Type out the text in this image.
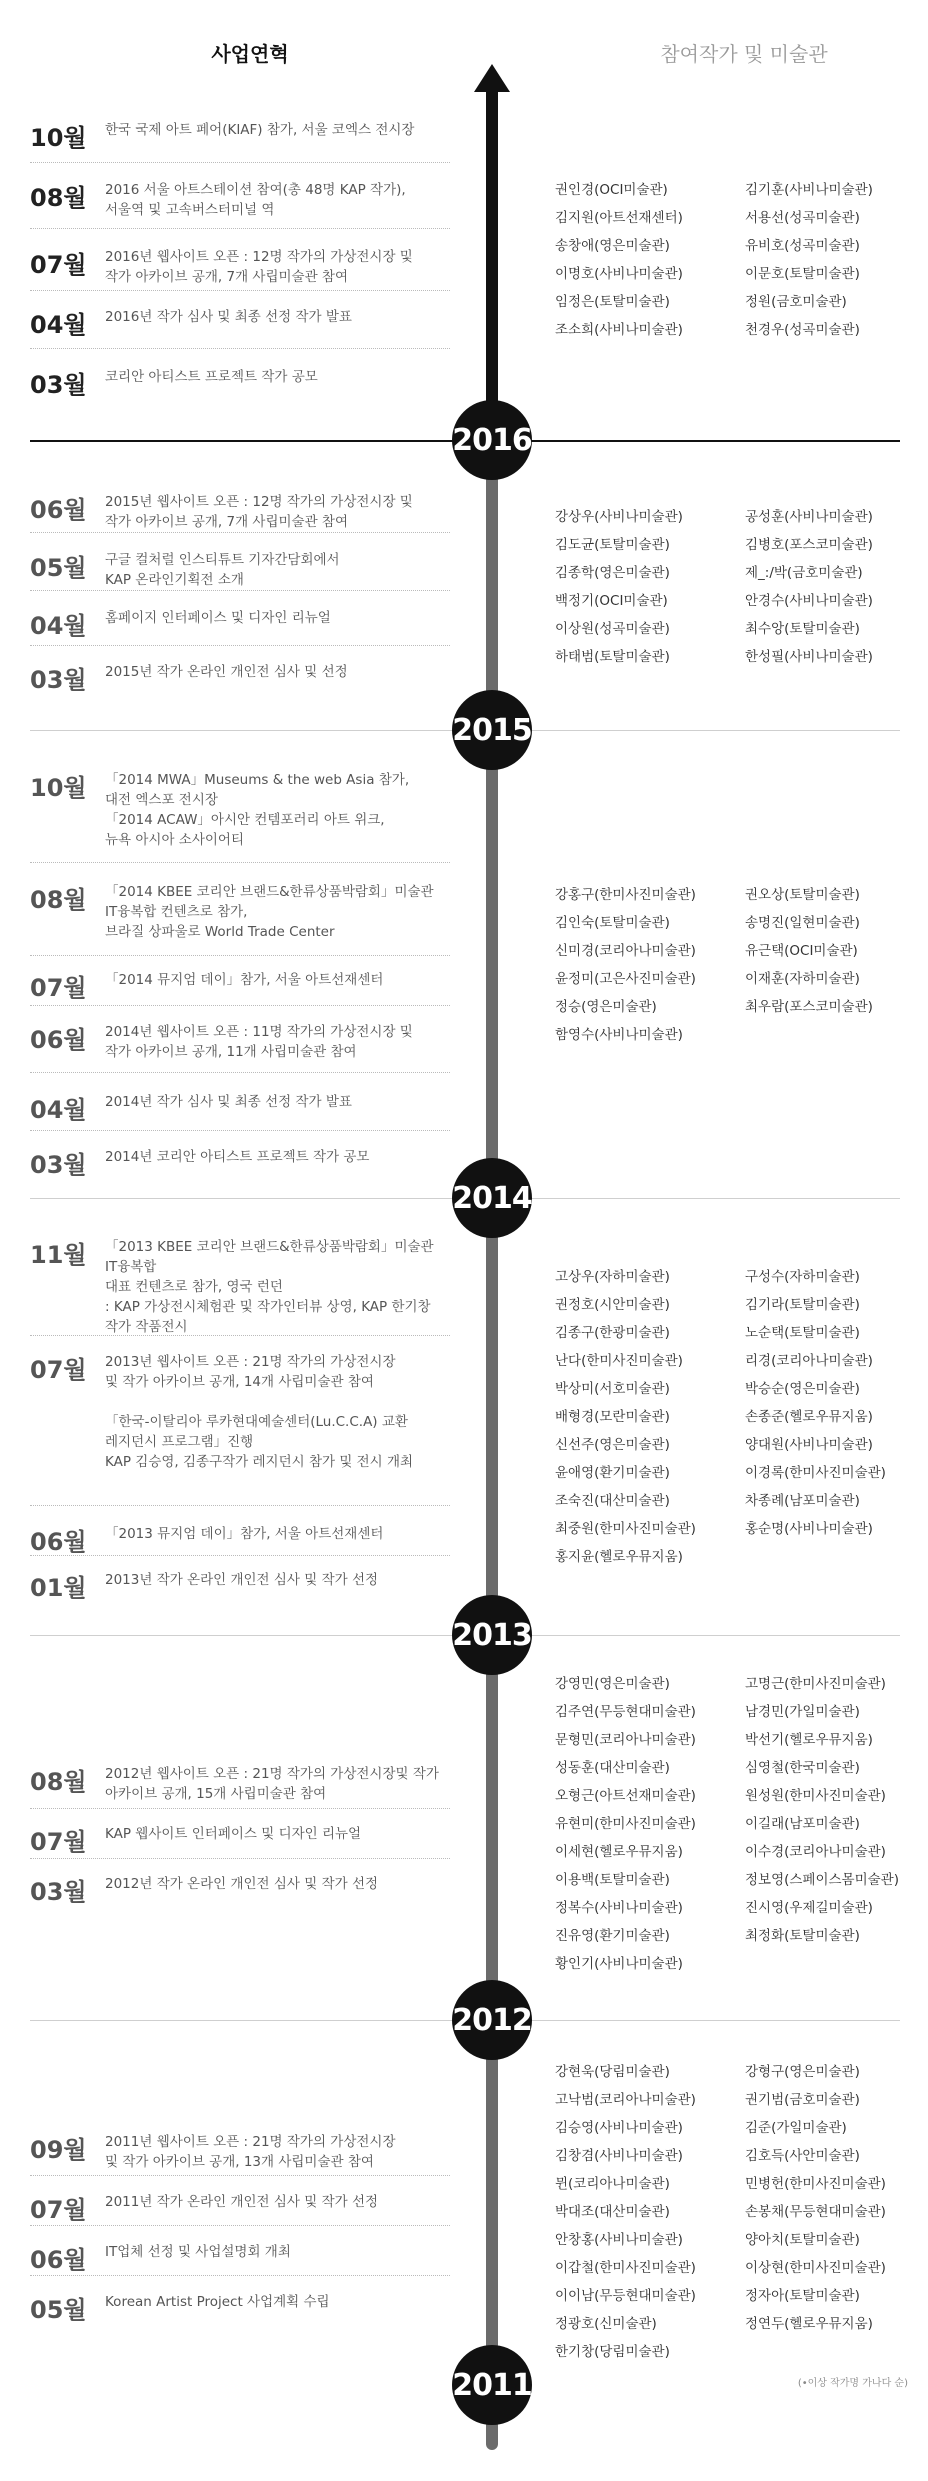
사업연혁	참여작가 및 미술관
2016
10월 한국 국제 아트 페어(KIAF) 참가, 서울 코엑스 전시장
08월 2016 서울 아트스테이션 참여(총 48명 KAP 작가),
서울역 및 고속버스터미널 역
07월 2016년 웹사이트 오픈 : 12명 작가의 가상전시장 및
작가 아카이브 공개, 7개 사립미술관 참여
04월 2016년 작가 심사 및 최종 선정 작가 발표
03월 코리안 아티스트 프로젝트 작가 공모
권인경(OCI미술관)	김기훈(사비나미술관)
김지원(아트선재센터)	서용선(성곡미술관)
송창애(영은미술관)	유비호(성곡미술관)
이명호(사비나미술관)	이문호(토탈미술관)
임정은(토탈미술관)	정원(금호미술관)
조소희(사비나미술관)	천경우(성곡미술관)
2015
06월 2015년 웹사이트 오픈 : 12명 작가의 가상전시장 및
작가 아카이브 공개, 7개 사립미술관 참여
05월 구글 컬처럴 인스티튜트 기자간담회에서
KAP 온라인기획전 소개
04월 홈페이지 인터페이스 및 디자인 리뉴얼
03월 2015년 작가 온라인 개인전 심사 및 선정
강상우(사비나미술관)	공성훈(사비나미술관)
김도균(토탈미술관)	김병호(포스코미술관)
김종학(영은미술관)	제_:/박(금호미술관)
백정기(OCI미술관)	안경수(사비나미술관)
이상원(성곡미술관)	최수앙(토탈미술관)
하태범(토탈미술관)	한성필(사비나미술관)
2014
10월 「2014 MWA」Museums & the web Asia 참가,
대전 엑스포 전시장
「2014 ACAW」아시안 컨템포러리 아트 위크,
뉴욕 아시아 소사이어티
08월 「2014 KBEE 코리안 브랜드&한류상품박람회」미술관
IT융복합 컨텐츠로 참가,
브라질 상파울로 World Trade Center
07월 「2014 뮤지엄 데이」참가, 서울 아트선재센터
06월 2014년 웹사이트 오픈 : 11명 작가의 가상전시장 및
작가 아카이브 공개, 11개 사립미술관 참여
04월 2014년 작가 심사 및 최종 선정 작가 발표
03월 2014년 코리안 아티스트 프로젝트 작가 공모
강홍구(한미사진미술관)	권오상(토탈미술관)
김인숙(토탈미술관)	송명진(일현미술관)
신미경(코리아나미술관)	유근택(OCI미술관)
윤정미(고은사진미술관)	이재훈(자하미술관)
정승(영은미술관)	최우람(포스코미술관)
함영수(사비나미술관)
2013
11월 「2013 KBEE 코리안 브랜드&한류상품박람회」미술관IT융복합
대표 컨텐츠로 참가, 영국 런던
: KAP 가상전시체험관 및 작가인터뷰 상영, KAP 한기창
작가 작품전시
07월 2013년 웹사이트 오픈 : 21명 작가의 가상전시장
및 작가 아카이브 공개, 14개 사립미술관 참여

「한국-이탈리아 루카현대예술센터(Lu.C.C.A) 교환
레지던시 프로그램」진행
KAP 김승영, 김종구작가 레지던시 참가 및 전시 개최
06월 「2013 뮤지엄 데이」참가, 서울 아트선재센터
01월 2013년 작가 온라인 개인전 심사 및 작가 선정
고상우(자하미술관)	구성수(자하미술관)
권정호(시안미술관)	김기라(토탈미술관)
김종구(한광미술관)	노순택(토탈미술관)
난다(한미사진미술관)	리경(코리아나미술관)
박상미(서호미술관)	박승순(영은미술관)
배형경(모란미술관)	손종준(헬로우뮤지움)
신선주(영은미술관)	양대원(사비나미술관)
윤애영(환기미술관)	이경록(한미사진미술관)
조숙진(대산미술관)	차종례(남포미술관)
최중원(한미사진미술관)	홍순명(사비나미술관)
홍지윤(헬로우뮤지움)
2012
08월 2012년 웹사이트 오픈 : 21명 작가의 가상전시장및 작가
아카이브 공개, 15개 사립미술관 참여
07월 KAP 웹사이트 인터페이스 및 디자인 리뉴얼
03월 2012년 작가 온라인 개인전 심사 및 작가 선정
강영민(영은미술관)	고명근(한미사진미술관)
김주연(무등현대미술관)	남경민(가일미술관)
문형민(코리아나미술관)	박선기(헬로우뮤지움)
성동훈(대산미술관)	심영철(한국미술관)
오형근(아트선재미술관)	원성원(한미사진미술관)
유현미(한미사진미술관)	이길래(남포미술관)
이세현(헬로우뮤지움)	이수경(코리아나미술관)
이용백(토탈미술관)	정보영(스페이스몸미술관)
정복수(사비나미술관)	진시영(우제길미술관)
진유영(환기미술관)	최정화(토탈미술관)
황인기(사비나미술관)
2011
09월 2011년 웹사이트 오픈 : 21명 작가의 가상전시장
및 작가 아카이브 공개, 13개 사립미술관 참여
07월 2011년 작가 온라인 개인전 심사 및 작가 선정
06월 IT업체 선정 및 사업설명회 개최
05월 Korean Artist Project 사업계획 수립
강현욱(당림미술관)	강형구(영은미술관)
고낙범(코리아나미술관)	권기범(금호미술관)
김승영(사비나미술관)	김준(가일미술관)
김창겸(사비나미술관)	김호득(사안미술관)
뮌(코리아나미술관)	민병헌(한미사진미술관)
박대조(대산미술관)	손봉채(무등현대미술관)
안창홍(사비나미술관)	양아치(토탈미술관)
이갑철(한미사진미술관)	이상현(한미사진미술관)
이이남(무등현대미술관)	정자아(토탈미술관)
정광호(신미술관)	정연두(헬로우뮤지움)
한기창(당림미술관)
(•이상 작가명 가나다 순)
